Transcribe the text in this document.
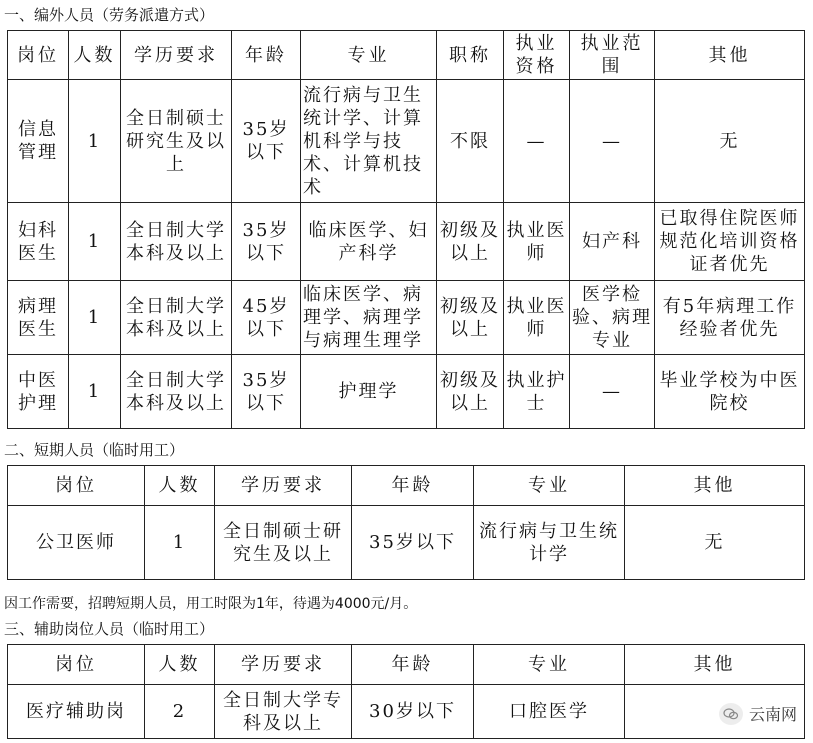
一、编外人员（劳务派遣方式）
岗位	人数	学历要求	年龄	专业	职称	执业资格	执业范围	其他
信息管理	1	全日制硕士研究生及以上	35岁以下	流行病与卫生统计学、计算机科学与技术、计算机技术	不限	—	—	无
妇科医生	1	全日制大学本科及以上	35岁以下	临床医学、妇产科学	初级及以上	执业医师	妇产科	已取得住院医师规范化培训资格证者优先
病理医生	1	全日制大学本科及以上	45岁以下	临床医学、病理学、病理学与病理生理学	初级及以上	执业医师	医学检验、病理专业	有5年病理工作经验者优先
中医护理	1	全日制大学本科及以上	35岁以下	护理学	初级及以上	执业护士	—	毕业学校为中医院校
二、短期人员（临时用工）
岗位	人数	学历要求	年龄	专业	其他
公卫医师	1	全日制硕士研究生及以上	35岁以下	流行病与卫生统计学	无
因工作需要，招聘短期人员，用工时限为1年，待遇为4000元/月。
三、辅助岗位人员（临时用工）
岗位	人数	学历要求	年龄	专业	其他
医疗辅助岗	2	全日制大学专科及以上	30岁以下	口腔医学		云南网
